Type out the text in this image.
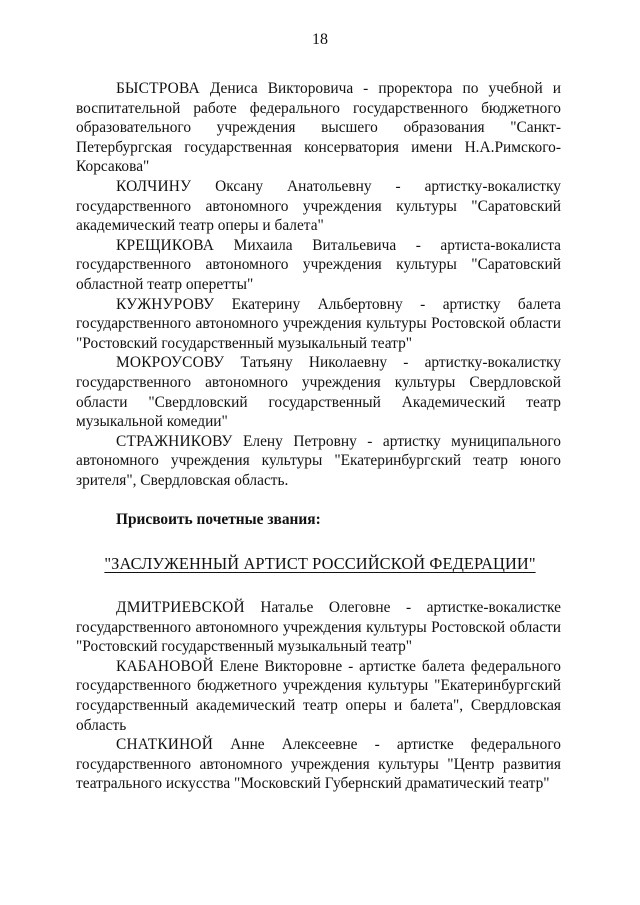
18

БЫСТРОВА Дениса Викторовича - проректора по учебной и воспитательной работе федерального государственного бюджетного образовательного учреждения высшего образования "Санкт-Петербургская государственная консерватория имени Н.А.Римского-Корсакова"

КОЛЧИНУ Оксану Анатольевну - артистку-вокалистку государственного автономного учреждения культуры "Саратовский академический театр оперы и балета"

КРЕЩИКОВА Михаила Витальевича - артиста-вокалиста государственного автономного учреждения культуры "Саратовский областной театр оперетты"

КУЖНУРОВУ Екатерину Альбертовну - артистку балета государственного автономного учреждения культуры Ростовской области "Ростовский государственный музыкальный театр"

МОКРОУСОВУ Татьяну Николаевну - артистку-вокалистку государственного автономного учреждения культуры Свердловской области "Свердловский государственный Академический театр музыкальной комедии"

СТРАЖНИКОВУ Елену Петровну - артистку муниципального автономного учреждения культуры "Екатеринбургский театр юного зрителя", Свердловская область.

Присвоить почетные звания:
"ЗАСЛУЖЕННЫЙ АРТИСТ РОССИЙСКОЙ ФЕДЕРАЦИИ"

ДМИТРИЕВСКОЙ Наталье Олеговне - артистке-вокалистке государственного автономного учреждения культуры Ростовской области "Ростовский государственный музыкальный театр"

КАБАНОВОЙ Елене Викторовне - артистке балета федерального государственного бюджетного учреждения культуры "Екатеринбургский государственный академический театр оперы и балета", Свердловская область

СНАТКИНОЙ Анне Алексеевне - артистке федерального государственного автономного учреждения культуры "Центр развития театрального искусства "Московский Губернский драматический театр"
